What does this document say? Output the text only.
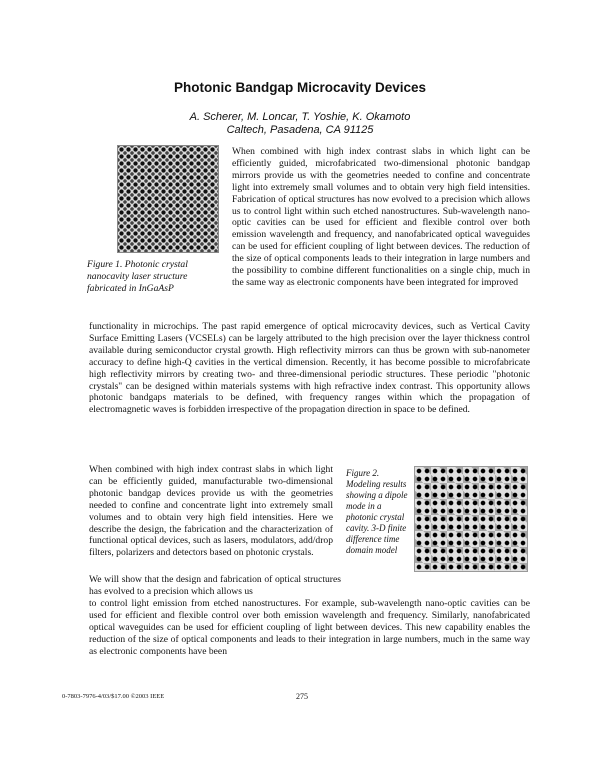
Photonic Bandgap Microcavity Devices
A. Scherer, M. Loncar, T. Yoshie, K. Okamoto
Caltech, Pasadena, CA 91125
Figure 1. Photonic crystal nanocavity laser structure fabricated in InGaAsP
When combined with high index contrast slabs in which light can be efficiently guided, microfabricated two-dimensional photonic bandgap mirrors provide us with the geometries needed to confine and concentrate light into extremely small volumes and to obtain very high field intensities. Fabrication of optical structures has now evolved to a precision which allows us to control light within such etched nanostructures. Sub-wavelength nano-optic cavities can be used for efficient and flexible control over both emission wavelength and frequency, and nanofabricated optical waveguides can be used for efficient coupling of light between devices. The reduction of the size of optical components leads to their integration in large numbers and the possibility to combine different functionalities on a single chip, much in the same way as electronic components have been integrated for improved
functionality in microchips. The past rapid emergence of optical microcavity devices, such as Vertical Cavity Surface Emitting Lasers (VCSELs) can be largely attributed to the high precision over the layer thickness control available during semiconductor crystal growth. High reflectivity mirrors can thus be grown with sub-nanometer accuracy to define high-Q cavities in the vertical dimension. Recently, it has become possible to microfabricate high reflectivity mirrors by creating two- and three-dimensional periodic structures. These periodic "photonic crystals" can be designed within materials systems with high refractive index contrast. This opportunity allows photonic bandgaps materials to be defined, with frequency ranges within which the propagation of electromagnetic waves is forbidden irrespective of the propagation direction in space to be defined.
When combined with high index contrast slabs in which light can be efficiently guided, manufacturable two-dimensional photonic bandgap devices provide us with the geometries needed to confine and concentrate light into extremely small volumes and to obtain very high field intensities. Here we describe the design, the fabrication and the characterization of functional optical devices, such as lasers, modulators, add/drop filters, polarizers and detectors based on photonic crystals.
Figure 2. Modeling results showing a dipole mode in a photonic crystal cavity. 3-D finite difference time domain model
We will show that the design and fabrication of optical structures has evolved to a precision which allows us
to control light emission from etched nanostructures. For example, sub-wavelength nano-optic cavities can be used for efficient and flexible control over both emission wavelength and frequency. Similarly, nanofabricated optical waveguides can be used for efficient coupling of light between devices. This new capability enables the reduction of the size of optical components and leads to their integration in large numbers, much in the same way as electronic components have been
0-7803-7976-4/03/$17.00 ©2003 IEEE	275
